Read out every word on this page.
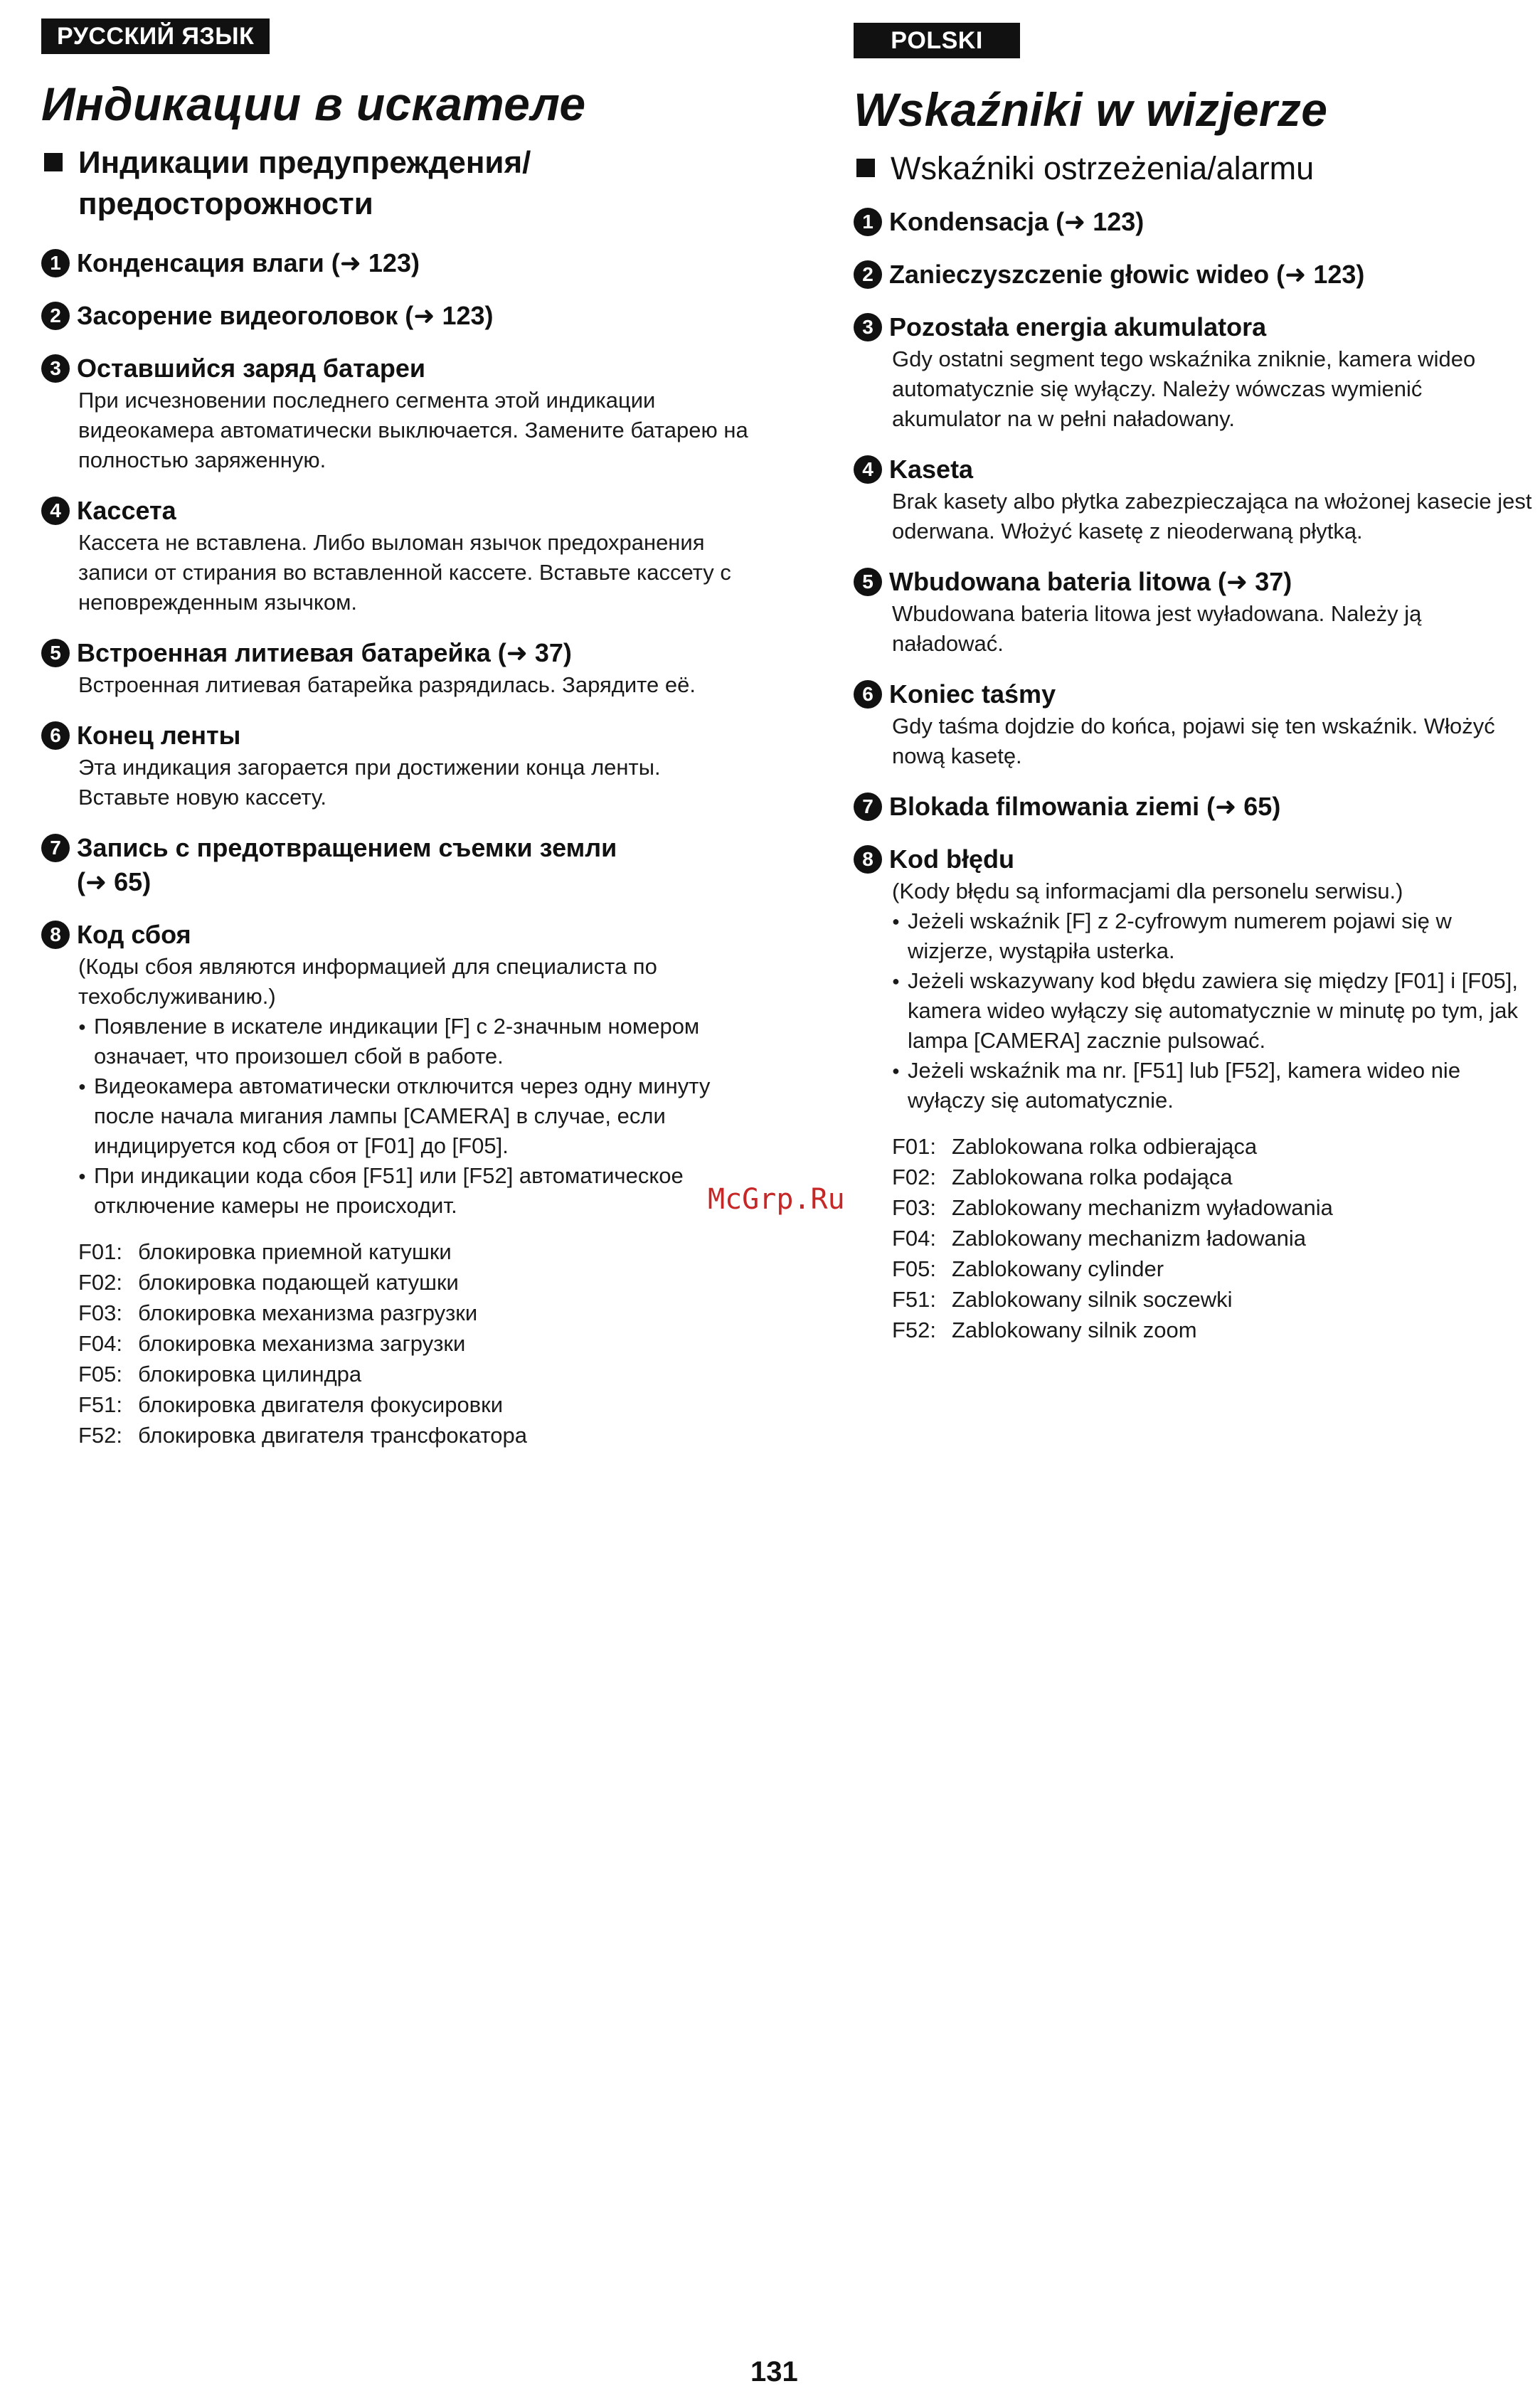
РУССКИЙ ЯЗЫК
Индикации в искателе
Индикации предупреждения/ предосторожности
1 Конденсация влаги (➜ 123)
2 Засорение видеоголовок (➜ 123)
3 Оставшийся заряд батареи
При исчезновении последнего сегмента этой индикации видеокамера автоматически выключается. Замените батарею на полностью заряженную.
4 Кассета
Кассета не вставлена. Либо выломан язычок предохранения записи от стирания во вставленной кассете. Вставьте кассету с неповрежденным язычком.
5 Встроенная литиевая батарейка (➜ 37)
Встроенная литиевая батарейка разрядилась. Зарядите её.
6 Конец ленты
Эта индикация загорается при достижении конца ленты. Вставьте новую кассету.
7 Запись с предотвращением съемки земли
(➜ 65)
8 Код сбоя
(Коды сбоя являются информацией для специалиста по техобслуживанию.)
● Появление в искателе индикации [F] с 2-значным номером означает, что произошел сбой в работе.
● Видеокамера автоматически отключится через одну минуту после начала мигания лампы [CAMERA] в случае, если индицируется код сбоя от [F01] до [F05].
● При индикации кода сбоя [F51] или [F52] автоматическое отключение камеры не происходит.
F01: блокировка приемной катушки
F02: блокировка подающей катушки
F03: блокировка механизма разгрузки
F04: блокировка механизма загрузки
F05: блокировка цилиндра
F51: блокировка двигателя фокусировки
F52: блокировка двигателя трансфокатора
POLSKI
Wskaźniki w wizjerze
Wskaźniki ostrzeżenia/alarmu
1 Kondensacja (➜ 123)
2 Zanieczyszczenie głowic wideo (➜ 123)
3 Pozostała energia akumulatora
Gdy ostatni segment tego wskaźnika zniknie, kamera wideo automatycznie się wyłączy. Należy wówczas wymienić akumulator na w pełni naładowany.
4 Kaseta
Brak kasety albo płytka zabezpieczająca na włożonej kasecie jest oderwana. Włożyć kasetę z nieoderwaną płytką.
5 Wbudowana bateria litowa (➜ 37)
Wbudowana bateria litowa jest wyładowana. Należy ją naładować.
6 Koniec taśmy
Gdy taśma dojdzie do końca, pojawi się ten wskaźnik. Włożyć nową kasetę.
7 Blokada filmowania ziemi (➜ 65)
8 Kod błędu
(Kody błędu są informacjami dla personelu serwisu.)
● Jeżeli wskaźnik [F] z 2-cyfrowym numerem pojawi się w wizjerze, wystąpiła usterka.
● Jeżeli wskazywany kod błędu zawiera się między [F01] i [F05], kamera wideo wyłączy się automatycznie w minutę po tym, jak lampa [CAMERA] zacznie pulsować.
● Jeżeli wskaźnik ma nr. [F51] lub [F52], kamera wideo nie wyłączy się automatycznie.
F01: Zablokowana rolka odbierająca
F02: Zablokowana rolka podająca
F03: Zablokowany mechanizm wyładowania
F04: Zablokowany mechanizm ładowania
F05: Zablokowany cylinder
F51: Zablokowany silnik soczewki
F52: Zablokowany silnik zoom
McGrp.Ru
131
